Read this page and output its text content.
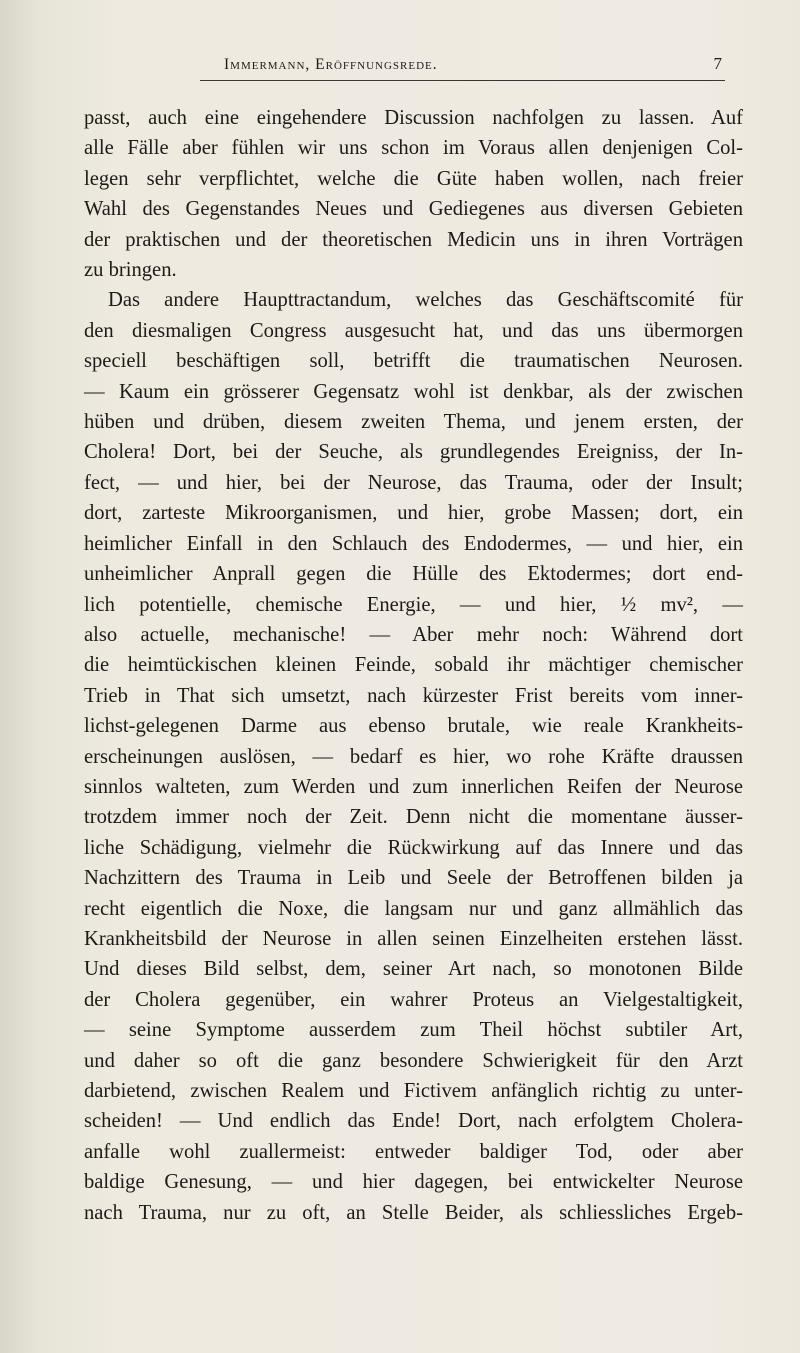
Immermann, Eröffnungsrede.	7
passt, auch eine eingehendere Discussion nachfolgen zu lassen. Auf
alle Fälle aber fühlen wir uns schon im Voraus allen denjenigen Col-
legen sehr verpflichtet, welche die Güte haben wollen, nach freier
Wahl des Gegenstandes Neues und Gediegenes aus diversen Gebieten
der praktischen und der theoretischen Medicin uns in ihren Vorträgen
zu bringen.
Das andere Haupttractandum, welches das Geschäftscomité für
den diesmaligen Congress ausgesucht hat, und das uns übermorgen
speciell beschäftigen soll, betrifft die traumatischen Neurosen.
— Kaum ein grösserer Gegensatz wohl ist denkbar, als der zwischen
hüben und drüben, diesem zweiten Thema, und jenem ersten, der
Cholera! Dort, bei der Seuche, als grundlegendes Ereigniss, der In-
fect, — und hier, bei der Neurose, das Trauma, oder der Insult;
dort, zarteste Mikroorganismen, und hier, grobe Massen; dort, ein
heimlicher Einfall in den Schlauch des Endodermes, — und hier, ein
unheimlicher Anprall gegen die Hülle des Ektodermes; dort end-
lich potentielle, chemische Energie, — und hier, ½ mv², —
also actuelle, mechanische! — Aber mehr noch: Während dort
die heimtückischen kleinen Feinde, sobald ihr mächtiger chemischer
Trieb in That sich umsetzt, nach kürzester Frist bereits vom inner-
lichst-gelegenen Darme aus ebenso brutale, wie reale Krankheits-
erscheinungen auslösen, — bedarf es hier, wo rohe Kräfte draussen
sinnlos walteten, zum Werden und zum innerlichen Reifen der Neurose
trotzdem immer noch der Zeit. Denn nicht die momentane äusser-
liche Schädigung, vielmehr die Rückwirkung auf das Innere und das
Nachzittern des Trauma in Leib und Seele der Betroffenen bilden ja
recht eigentlich die Noxe, die langsam nur und ganz allmählich das
Krankheitsbild der Neurose in allen seinen Einzelheiten erstehen lässt.
Und dieses Bild selbst, dem, seiner Art nach, so monotonen Bilde
der Cholera gegenüber, ein wahrer Proteus an Vielgestaltigkeit,
— seine Symptome ausserdem zum Theil höchst subtiler Art,
und daher so oft die ganz besondere Schwierigkeit für den Arzt
darbietend, zwischen Realem und Fictivem anfänglich richtig zu unter-
scheiden! — Und endlich das Ende! Dort, nach erfolgtem Cholera-
anfalle wohl zuallermeist: entweder baldiger Tod, oder aber
baldige Genesung, — und hier dagegen, bei entwickelter Neurose
nach Trauma, nur zu oft, an Stelle Beider, als schliessliches Ergeb-
